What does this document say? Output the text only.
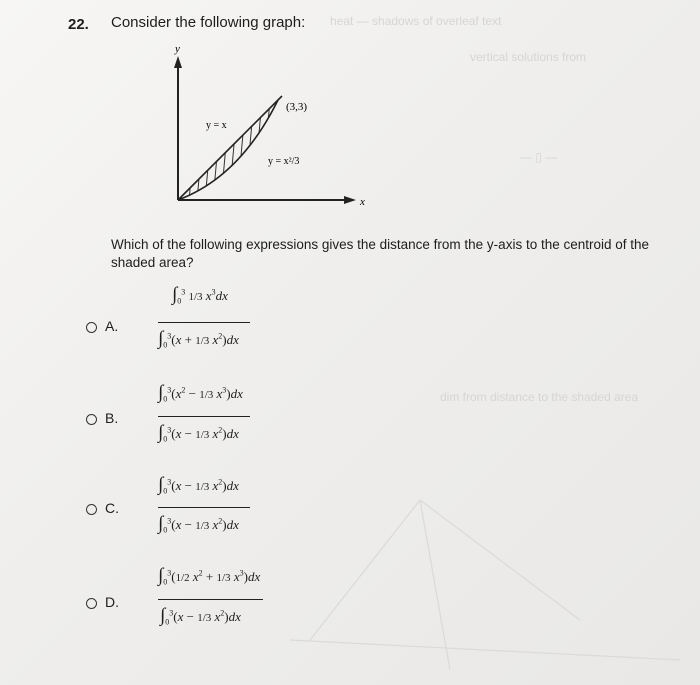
heat — shadows of overleaf text
vertical solutions from
— ▯ —
dim from distance to the shaded area
22. Consider the following graph:
y
x
y = x
(3,3)
y = x²/3
Which of the following expressions gives the distance from the y-axis to the centroid of the shaded area?
A.
$\int_0^3$ 1/3 $x^3dx$
$\int_0^3(x + 1/3$ $x^2)dx$
B.
$\int_0^3(x^2 - 1/3$ $x^3)dx$
$\int_0^3(x - 1/3$ $x^2)dx$
C.
$\int_0^3(x - 1/3$ $x^2)dx$
$\int_0^3(x - 1/3$ $x^2)dx$
D.
$\int_0^3(1/2$ $x^2 + 1/3$ $x^3)dx$
$\int_0^3(x - 1/3$ $x^2)dx$
